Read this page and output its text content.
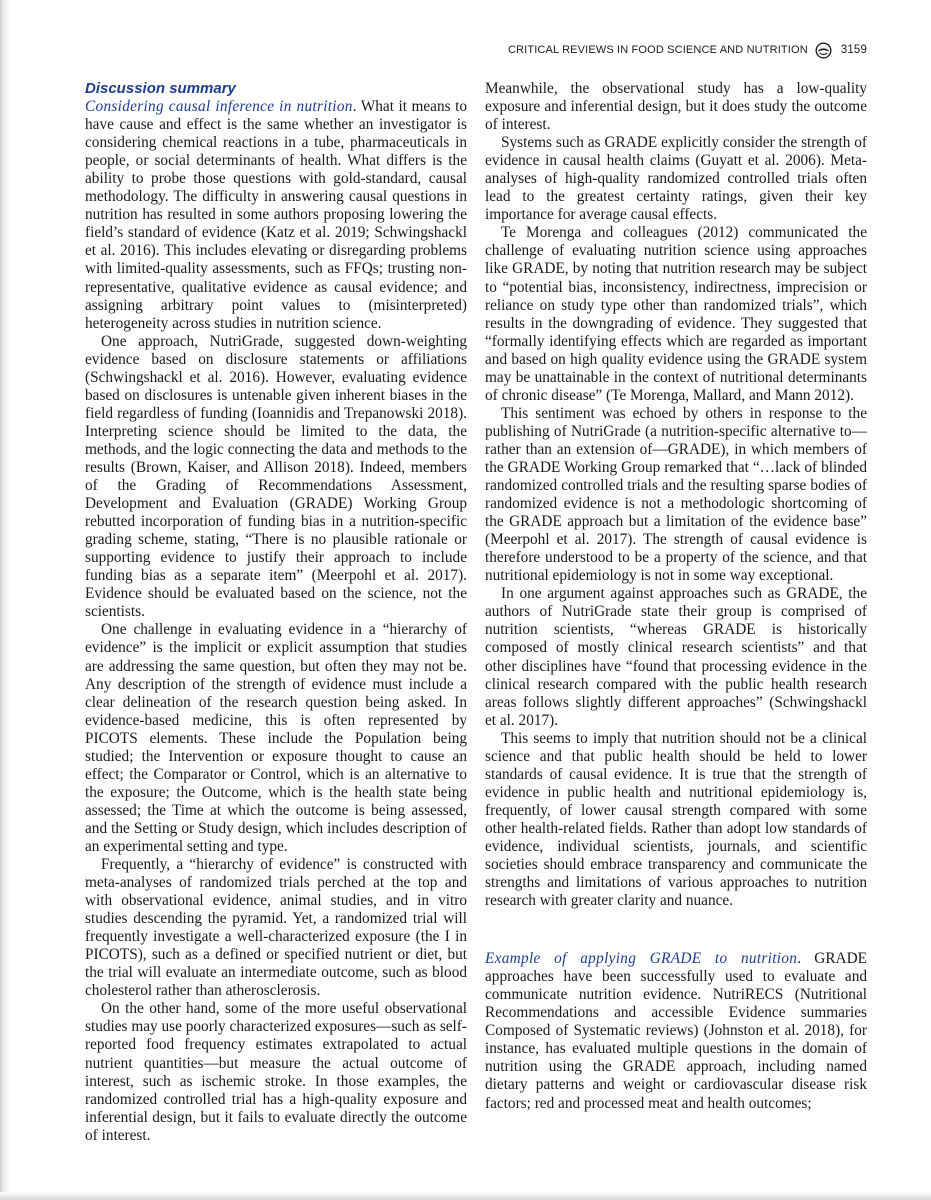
CRITICAL REVIEWS IN FOOD SCIENCE AND NUTRITION	3159
Discussion summary

Considering causal inference in nutrition. What it means to have cause and effect is the same whether an investigator is considering chemical reactions in a tube, pharmaceuticals in people, or social determinants of health. What differs is the ability to probe those questions with gold-standard, causal methodology. The difficulty in answering causal questions in nutrition has resulted in some authors proposing lowering the field’s standard of evidence (Katz et al. 2019; Schwingshackl et al. 2016). This includes elevating or disregarding problems with limited-quality assessments, such as FFQs; trusting non-representative, qualitative evidence as causal evidence; and assigning arbitrary point values to (misinterpreted) heterogeneity across studies in nutrition science.

One approach, NutriGrade, suggested down-weighting evidence based on disclosure statements or affiliations (Schwingshackl et al. 2016). However, evaluating evidence based on disclosures is untenable given inherent biases in the field regardless of funding (Ioannidis and Trepanowski 2018). Interpreting science should be limited to the data, the methods, and the logic connecting the data and methods to the results (Brown, Kaiser, and Allison 2018). Indeed, members of the Grading of Recommendations Assessment, Development and Evaluation (GRADE) Working Group rebutted incorporation of funding bias in a nutrition-specific grading scheme, stating, “There is no plausible rationale or supporting evidence to justify their approach to include funding bias as a separate item” (Meerpohl et al. 2017). Evidence should be evaluated based on the science, not the scientists.

One challenge in evaluating evidence in a “hierarchy of evidence” is the implicit or explicit assumption that studies are addressing the same question, but often they may not be. Any description of the strength of evidence must include a clear delineation of the research question being asked. In evidence-based medicine, this is often represented by PICOTS elements. These include the Population being studied; the Intervention or exposure thought to cause an effect; the Comparator or Control, which is an alternative to the exposure; the Outcome, which is the health state being assessed; the Time at which the outcome is being assessed, and the Setting or Study design, which includes description of an experimental setting and type.

Frequently, a “hierarchy of evidence” is constructed with meta-analyses of randomized trials perched at the top and with observational evidence, animal studies, and in vitro studies descending the pyramid. Yet, a randomized trial will frequently investigate a well-characterized exposure (the I in PICOTS), such as a defined or specified nutrient or diet, but the trial will evaluate an intermediate outcome, such as blood cholesterol rather than atherosclerosis.

On the other hand, some of the more useful observational studies may use poorly characterized exposures—such as self-reported food frequency estimates extrapolated to actual nutrient quantities—but measure the actual outcome of interest, such as ischemic stroke. In those examples, the randomized controlled trial has a high-quality exposure and inferential design, but it fails to evaluate directly the outcome of interest.

Meanwhile, the observational study has a low-quality exposure and inferential design, but it does study the outcome of interest.

Systems such as GRADE explicitly consider the strength of evidence in causal health claims (Guyatt et al. 2006). Meta-analyses of high-quality randomized controlled trials often lead to the greatest certainty ratings, given their key importance for average causal effects.

Te Morenga and colleagues (2012) communicated the challenge of evaluating nutrition science using approaches like GRADE, by noting that nutrition research may be subject to “potential bias, inconsistency, indirectness, imprecision or reliance on study type other than randomized trials”, which results in the downgrading of evidence. They suggested that “formally identifying effects which are regarded as important and based on high quality evidence using the GRADE system may be unattainable in the context of nutritional determinants of chronic disease” (Te Morenga, Mallard, and Mann 2012).

This sentiment was echoed by others in response to the publishing of NutriGrade (a nutrition-specific alternative to—rather than an extension of—GRADE), in which members of the GRADE Working Group remarked that “…lack of blinded randomized controlled trials and the resulting sparse bodies of randomized evidence is not a methodologic shortcoming of the GRADE approach but a limitation of the evidence base” (Meerpohl et al. 2017). The strength of causal evidence is therefore understood to be a property of the science, and that nutritional epidemiology is not in some way exceptional.

In one argument against approaches such as GRADE, the authors of NutriGrade state their group is comprised of nutrition scientists, “whereas GRADE is historically composed of mostly clinical research scientists” and that other disciplines have “found that processing evidence in the clinical research compared with the public health research areas follows slightly different approaches” (Schwingshackl et al. 2017).

This seems to imply that nutrition should not be a clinical science and that public health should be held to lower standards of causal evidence. It is true that the strength of evidence in public health and nutritional epidemiology is, frequently, of lower causal strength compared with some other health-related fields. Rather than adopt low standards of evidence, individual scientists, journals, and scientific societies should embrace transparency and communicate the strengths and limitations of various approaches to nutrition research with greater clarity and nuance.

Example of applying GRADE to nutrition. GRADE approaches have been successfully used to evaluate and communicate nutrition evidence. NutriRECS (Nutritional Recommendations and accessible Evidence summaries Composed of Systematic reviews) (Johnston et al. 2018), for instance, has evaluated multiple questions in the domain of nutrition using the GRADE approach, including named dietary patterns and weight or cardiovascular disease risk factors; red and processed meat and health outcomes;
